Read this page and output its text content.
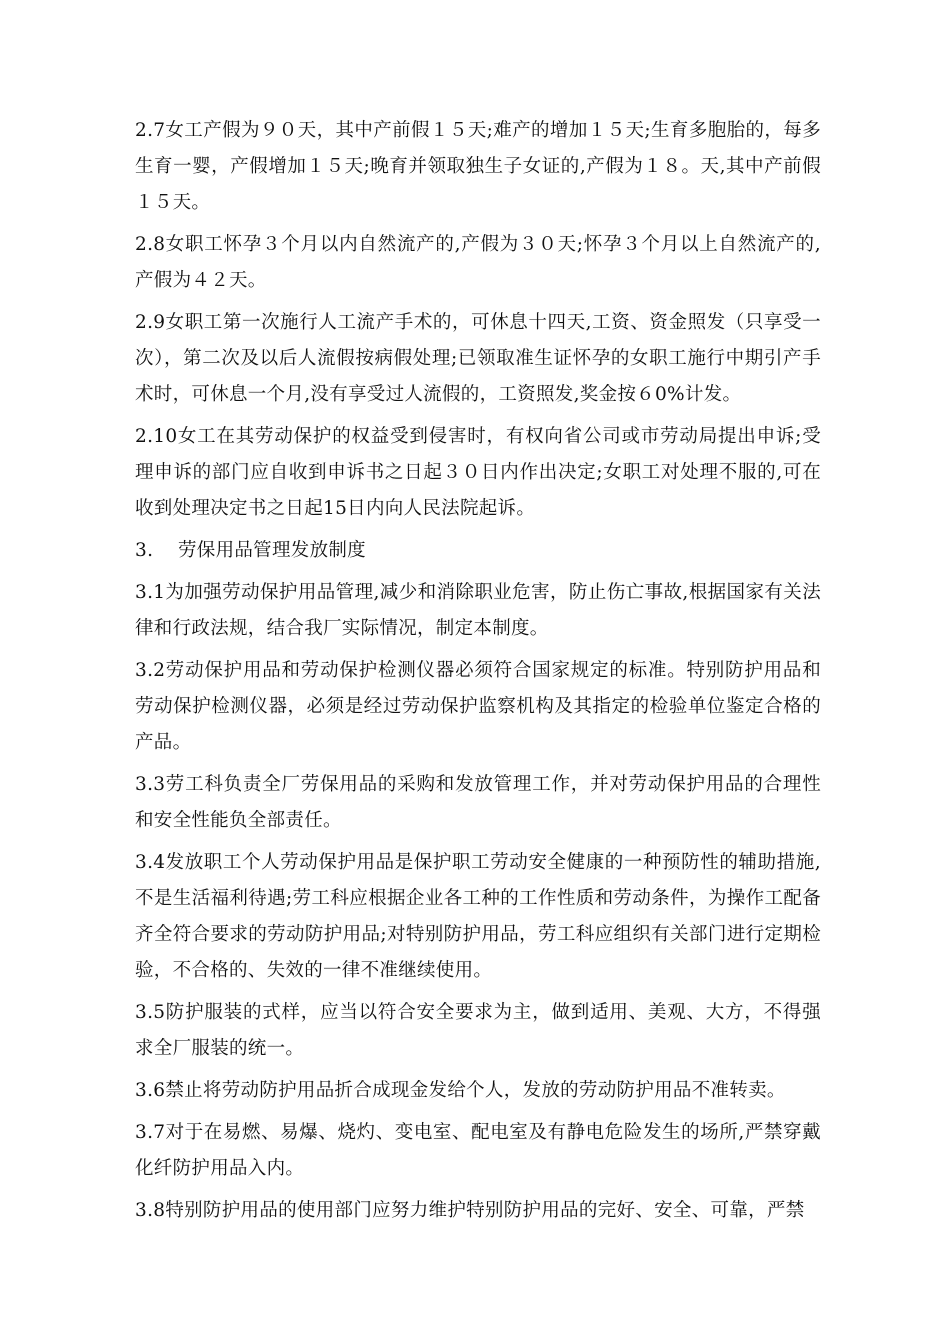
2.7女工产假为９０天，其中产前假１５天;难产的增加１５天;生育多胞胎的，每多生育一婴，产假增加１５天;晚育并领取独生子女证的,产假为１８。天,其中产前假１５天。

2.8女职工怀孕３个月以内自然流产的,产假为３０天;怀孕３个月以上自然流产的,产假为４２天。

2.9女职工第一次施行人工流产手术的，可休息十四天,工资、资金照发（只享受一次），第二次及以后人流假按病假处理;已领取准生证怀孕的女职工施行中期引产手术时，可休息一个月,没有享受过人流假的，工资照发,奖金按６0%计发。

2.10女工在其劳动保护的权益受到侵害时，有权向省公司或市劳动局提出申诉;受理申诉的部门应自收到申诉书之日起３０日内作出决定;女职工对处理不服的,可在收到处理决定书之日起15日内向人民法院起诉。

3.    劳保用品管理发放制度

3.1为加强劳动保护用品管理,减少和消除职业危害，防止伤亡事故,根据国家有关法律和行政法规，结合我厂实际情况，制定本制度。

3.2劳动保护用品和劳动保护检测仪器必须符合国家规定的标准。特别防护用品和劳动保护检测仪器，必须是经过劳动保护监察机构及其指定的检验单位鉴定合格的产品。

3.3劳工科负责全厂劳保用品的采购和发放管理工作，并对劳动保护用品的合理性和安全性能负全部责任。

3.4发放职工个人劳动保护用品是保护职工劳动安全健康的一种预防性的辅助措施,不是生活福利待遇;劳工科应根据企业各工种的工作性质和劳动条件，为操作工配备齐全符合要求的劳动防护用品;对特别防护用品，劳工科应组织有关部门进行定期检验，不合格的、失效的一律不准继续使用。

3.5防护服装的式样，应当以符合安全要求为主，做到适用、美观、大方，不得强求全厂服装的统一。

3.6禁止将劳动防护用品折合成现金发给个人，发放的劳动防护用品不准转卖。

3.7对于在易燃、易爆、烧灼、变电室、配电室及有静电危险发生的场所,严禁穿戴化纤防护用品入内。

3.8特别防护用品的使用部门应努力维护特别防护用品的完好、安全、可靠，严禁
